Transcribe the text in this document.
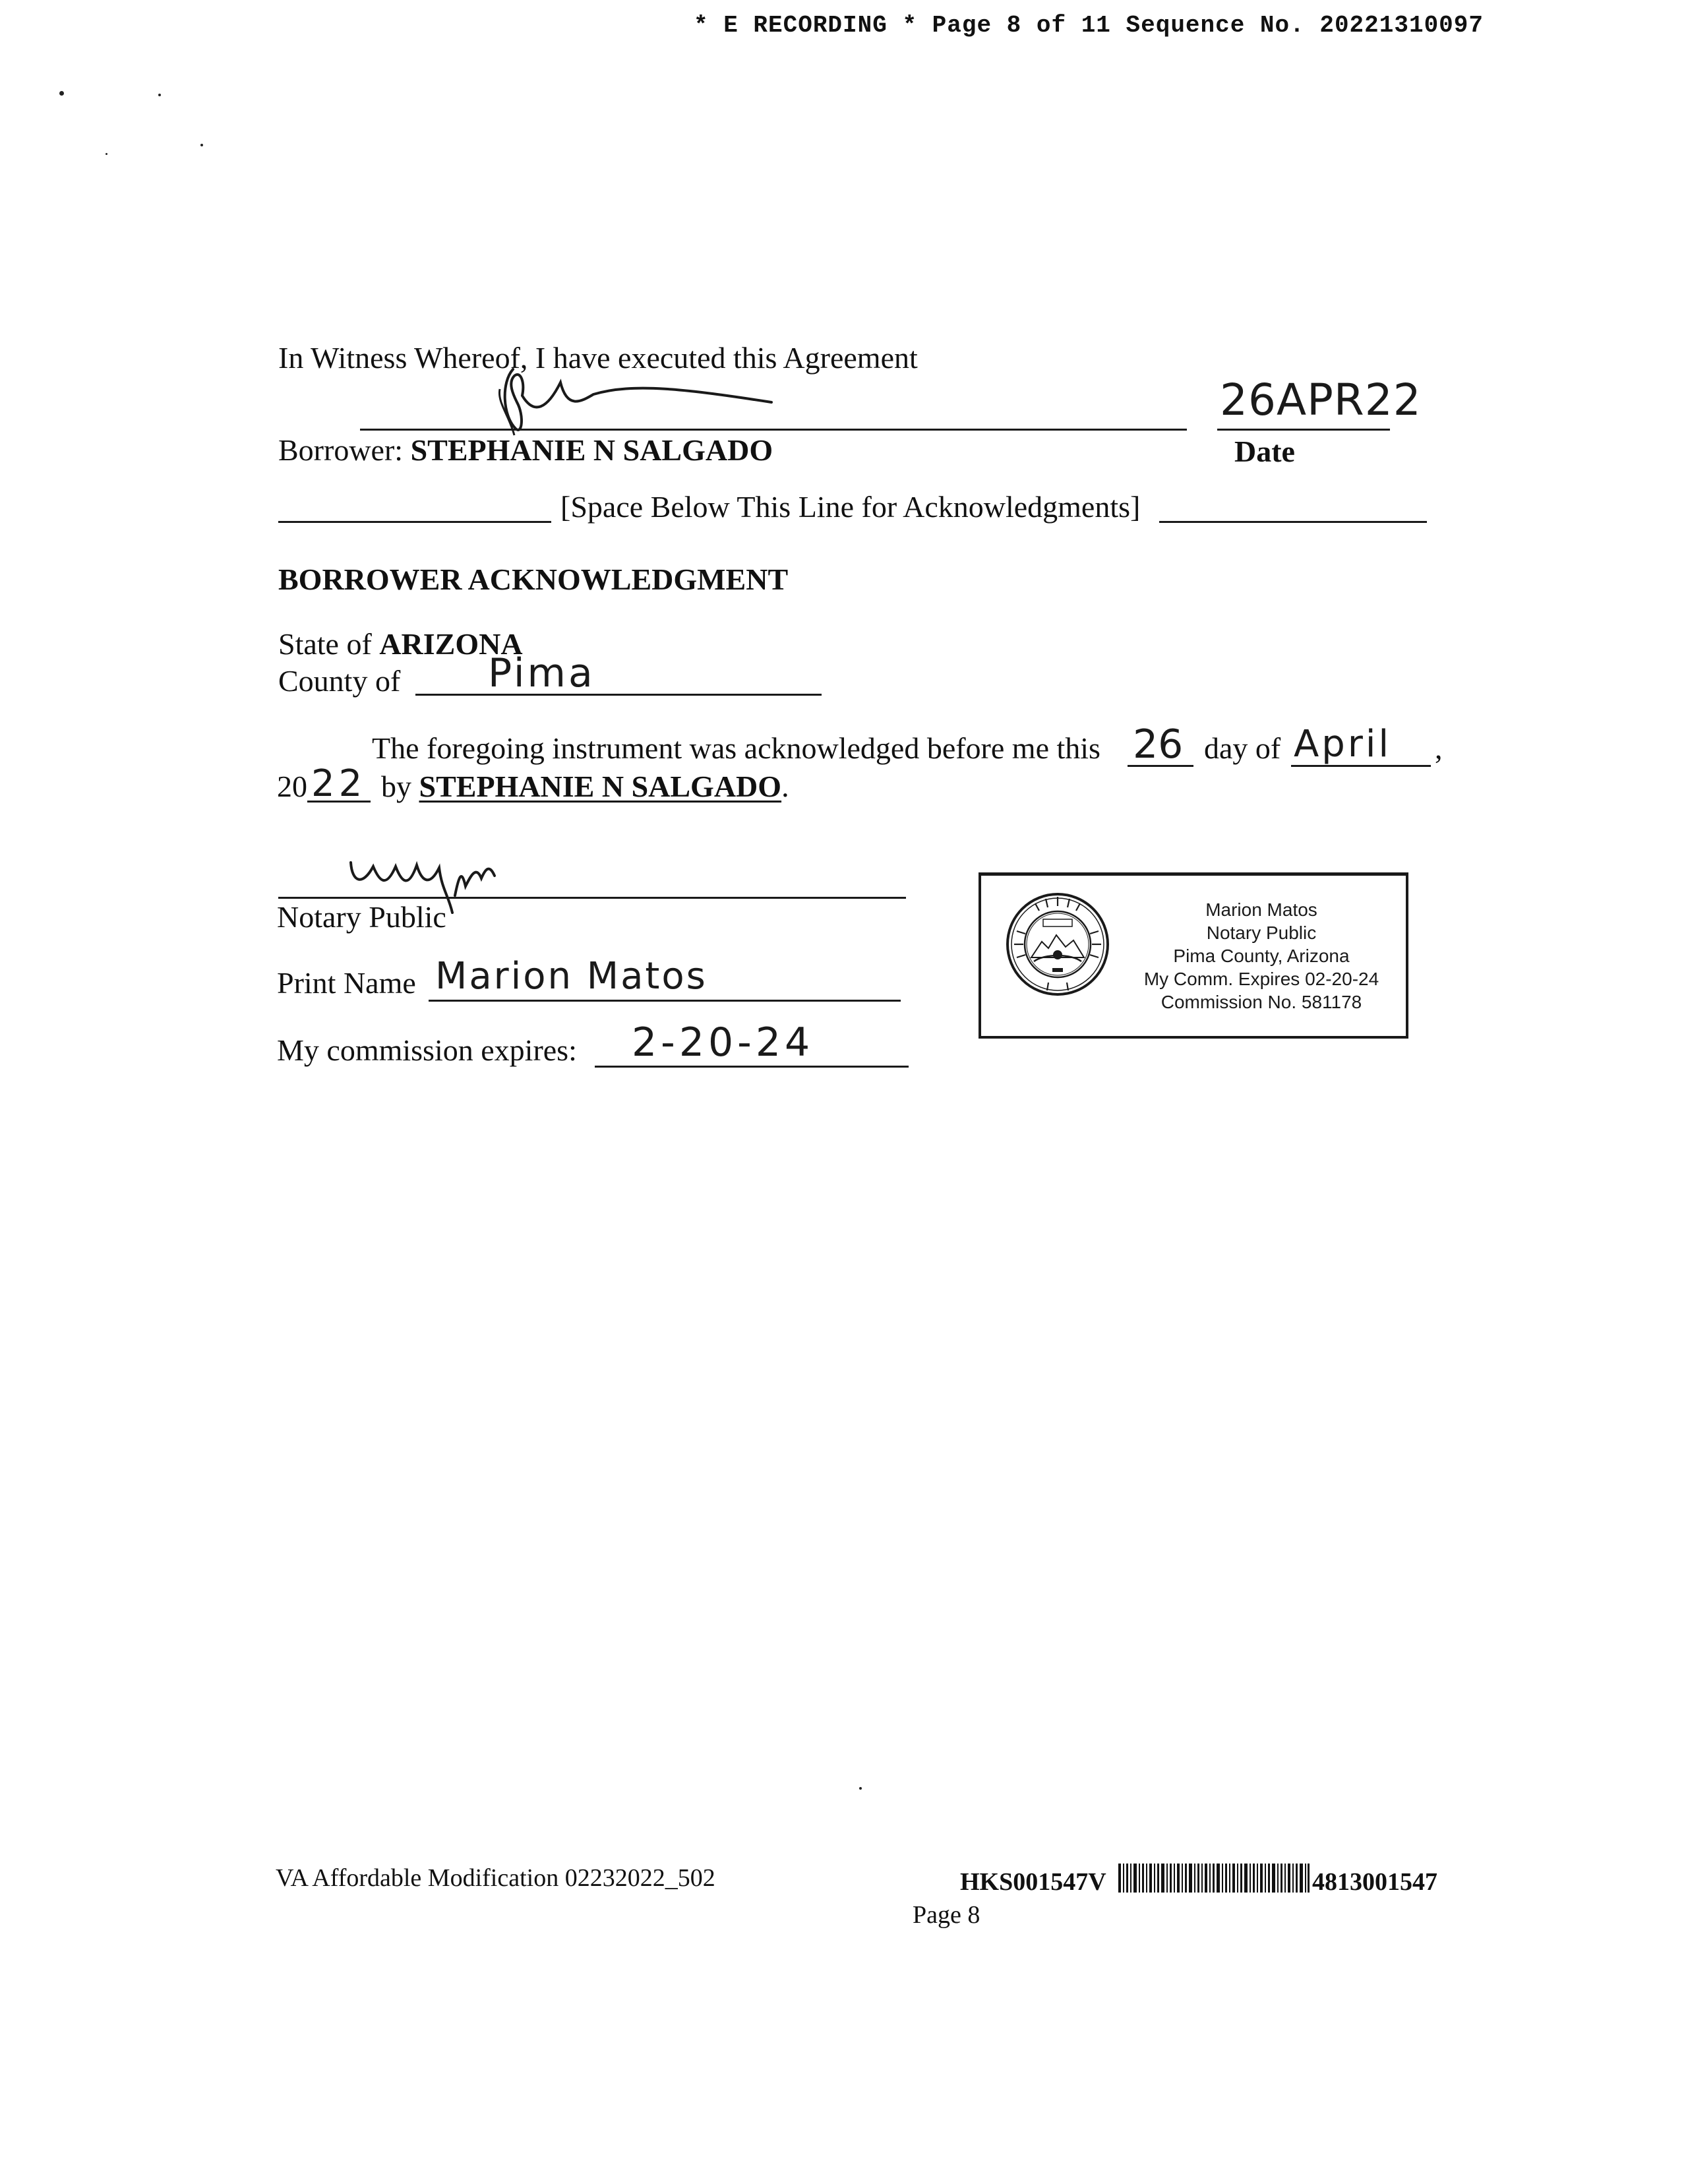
* E RECORDING * Page 8 of 11 Sequence No. 20221310097
In Witness Whereof, I have executed this Agreement
26APR22
Borrower: STEPHANIE N SALGADO	Date
[Space Below This Line for Acknowledgments]
BORROWER ACKNOWLEDGMENT
State of ARIZONA
County of Pima
The foregoing instrument was acknowledged before me this 26 day of April ,
20 22 by STEPHANIE N SALGADO.
Notary Public
Print Name Marion Matos
My commission expires: 2-20-24
Marion Matos
Notary Public
Pima County, Arizona
My Comm. Expires 02-20-24
Commission No. 581178
VA Affordable Modification 02232022_502	HKS001547V	4813001547
Page 8
